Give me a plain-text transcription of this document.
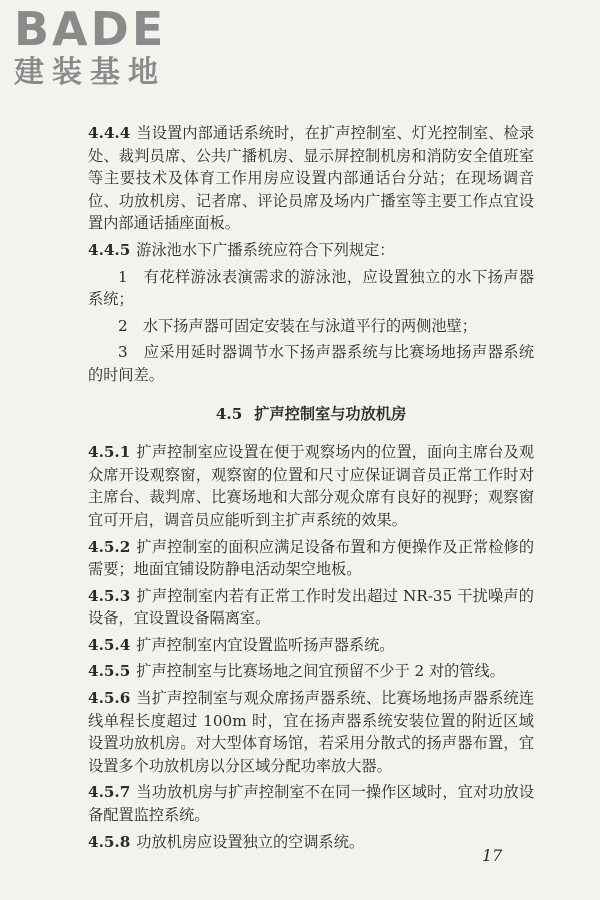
BADE
建装基地

4.4.4 当设置内部通话系统时，在扩声控制室、灯光控制室、检录处、裁判员席、公共广播机房、显示屏控制机房和消防安全值班室等主要技术及体育工作用房应设置内部通话台分站；在现场调音位、功放机房、记者席、评论员席及场内广播室等主要工作点宜设置内部通话插座面板。

4.4.5 游泳池水下广播系统应符合下列规定：

1　 有花样游泳表演需求的游泳池，应设置独立的水下扬声器系统；

2　 水下扬声器可固定安装在与泳道平行的两侧池壁；

3　 应采用延时器调节水下扬声器系统与比赛场地扬声器系统的时间差。

4.5 扩声控制室与功放机房

4.5.1 扩声控制室应设置在便于观察场内的位置，面向主席台及观众席开设观察窗，观察窗的位置和尺寸应保证调音员正常工作时对主席台、裁判席、比赛场地和大部分观众席有良好的视野；观察窗宜可开启，调音员应能听到主扩声系统的效果。

4.5.2 扩声控制室的面积应满足设备布置和方便操作及正常检修的需要；地面宜铺设防静电活动架空地板。

4.5.3 扩声控制室内若有正常工作时发出超过 NR-35 干扰噪声的设备，宜设置设备隔离室。

4.5.4 扩声控制室内宜设置监听扬声器系统。

4.5.5 扩声控制室与比赛场地之间宜预留不少于 2 对的管线。

4.5.6 当扩声控制室与观众席扬声器系统、比赛场地扬声器系统连线单程长度超过 100m 时，宜在扬声器系统安装位置的附近区域设置功放机房。对大型体育场馆，若采用分散式的扬声器布置，宜设置多个功放机房以分区域分配功率放大器。

4.5.7 当功放机房与扩声控制室不在同一操作区域时，宜对功放设备配置监控系统。

4.5.8 功放机房应设置独立的空调系统。

17
